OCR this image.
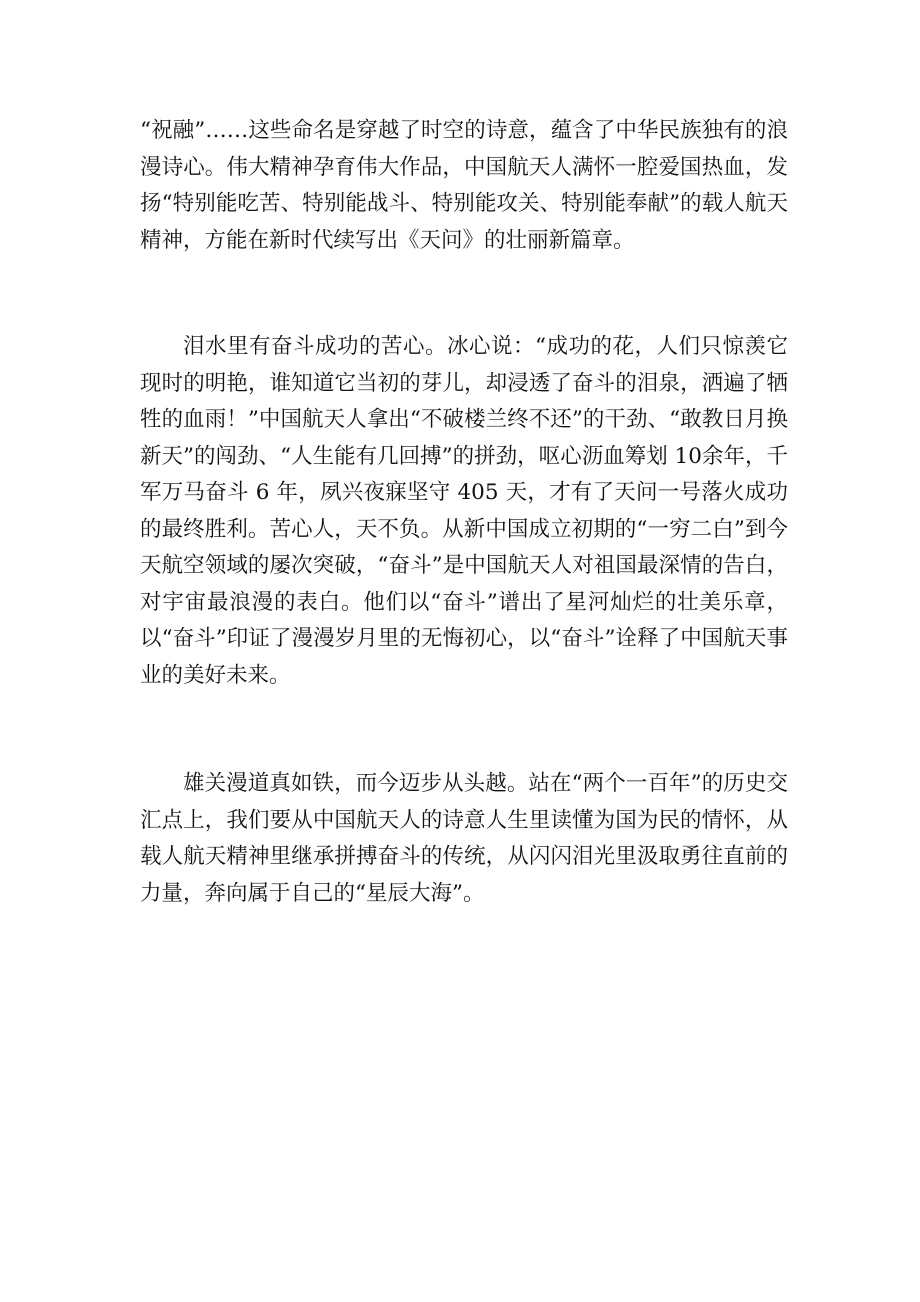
“祝融”……这些命名是穿越了时空的诗意，蕴含了中华民族独有的浪漫诗心。伟大精神孕育伟大作品，中国航天人满怀一腔爱国热血，发扬“特别能吃苦、特别能战斗、特别能攻关、特别能奉献”的载人航天精神，方能在新时代续写出《天问》的壮丽新篇章。

泪水里有奋斗成功的苦心。冰心说：“成功的花，人们只惊羡它现时的明艳，谁知道它当初的芽儿，却浸透了奋斗的泪泉，洒遍了牺牲的血雨！”中国航天人拿出“不破楼兰终不还”的干劲、“敢教日月换新天”的闯劲、“人生能有几回搏”的拼劲，呕心沥血筹划 10余年，千军万马奋斗 6 年，夙兴夜寐坚守 405 天，才有了天问一号落火成功的最终胜利。苦心人，天不负。从新中国成立初期的“一穷二白”到今天航空领域的屡次突破，“奋斗”是中国航天人对祖国最深情的告白，对宇宙最浪漫的表白。他们以“奋斗”谱出了星河灿烂的壮美乐章，以“奋斗”印证了漫漫岁月里的无悔初心，以“奋斗”诠释了中国航天事业的美好未来。

雄关漫道真如铁，而今迈步从头越。站在“两个一百年”的历史交汇点上，我们要从中国航天人的诗意人生里读懂为国为民的情怀，从载人航天精神里继承拼搏奋斗的传统，从闪闪泪光里汲取勇往直前的力量，奔向属于自己的“星辰大海”。
